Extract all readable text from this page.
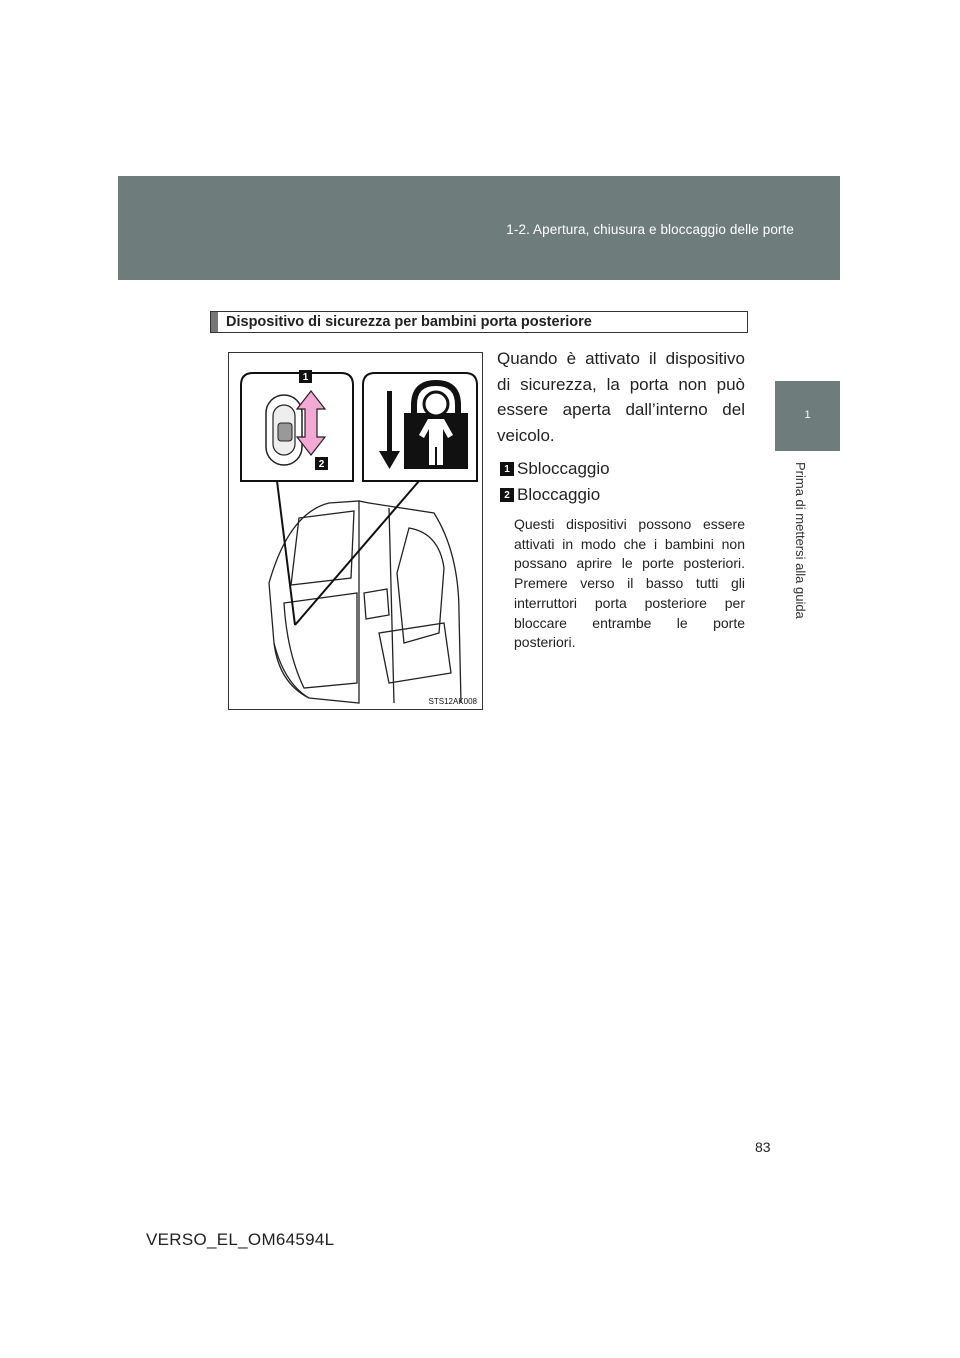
1-2. Apertura, chiusura e bloccaggio delle porte
1
Prima di mettersi alla guida
Dispositivo di sicurezza per bambini porta posteriore
1
2
STS12AK008
Quando è attivato il dispositivo di sicurezza, la porta non può essere aperta dall’interno del veicolo.
1 Sbloccaggio
2 Bloccaggio
Questi dispositivi possono essere attivati in modo che i bambini non possano aprire le porte posteriori. Premere verso il basso tutti gli interruttori porta posteriore per bloccare entrambe le porte posteriori.
83
VERSO_EL_OM64594L
